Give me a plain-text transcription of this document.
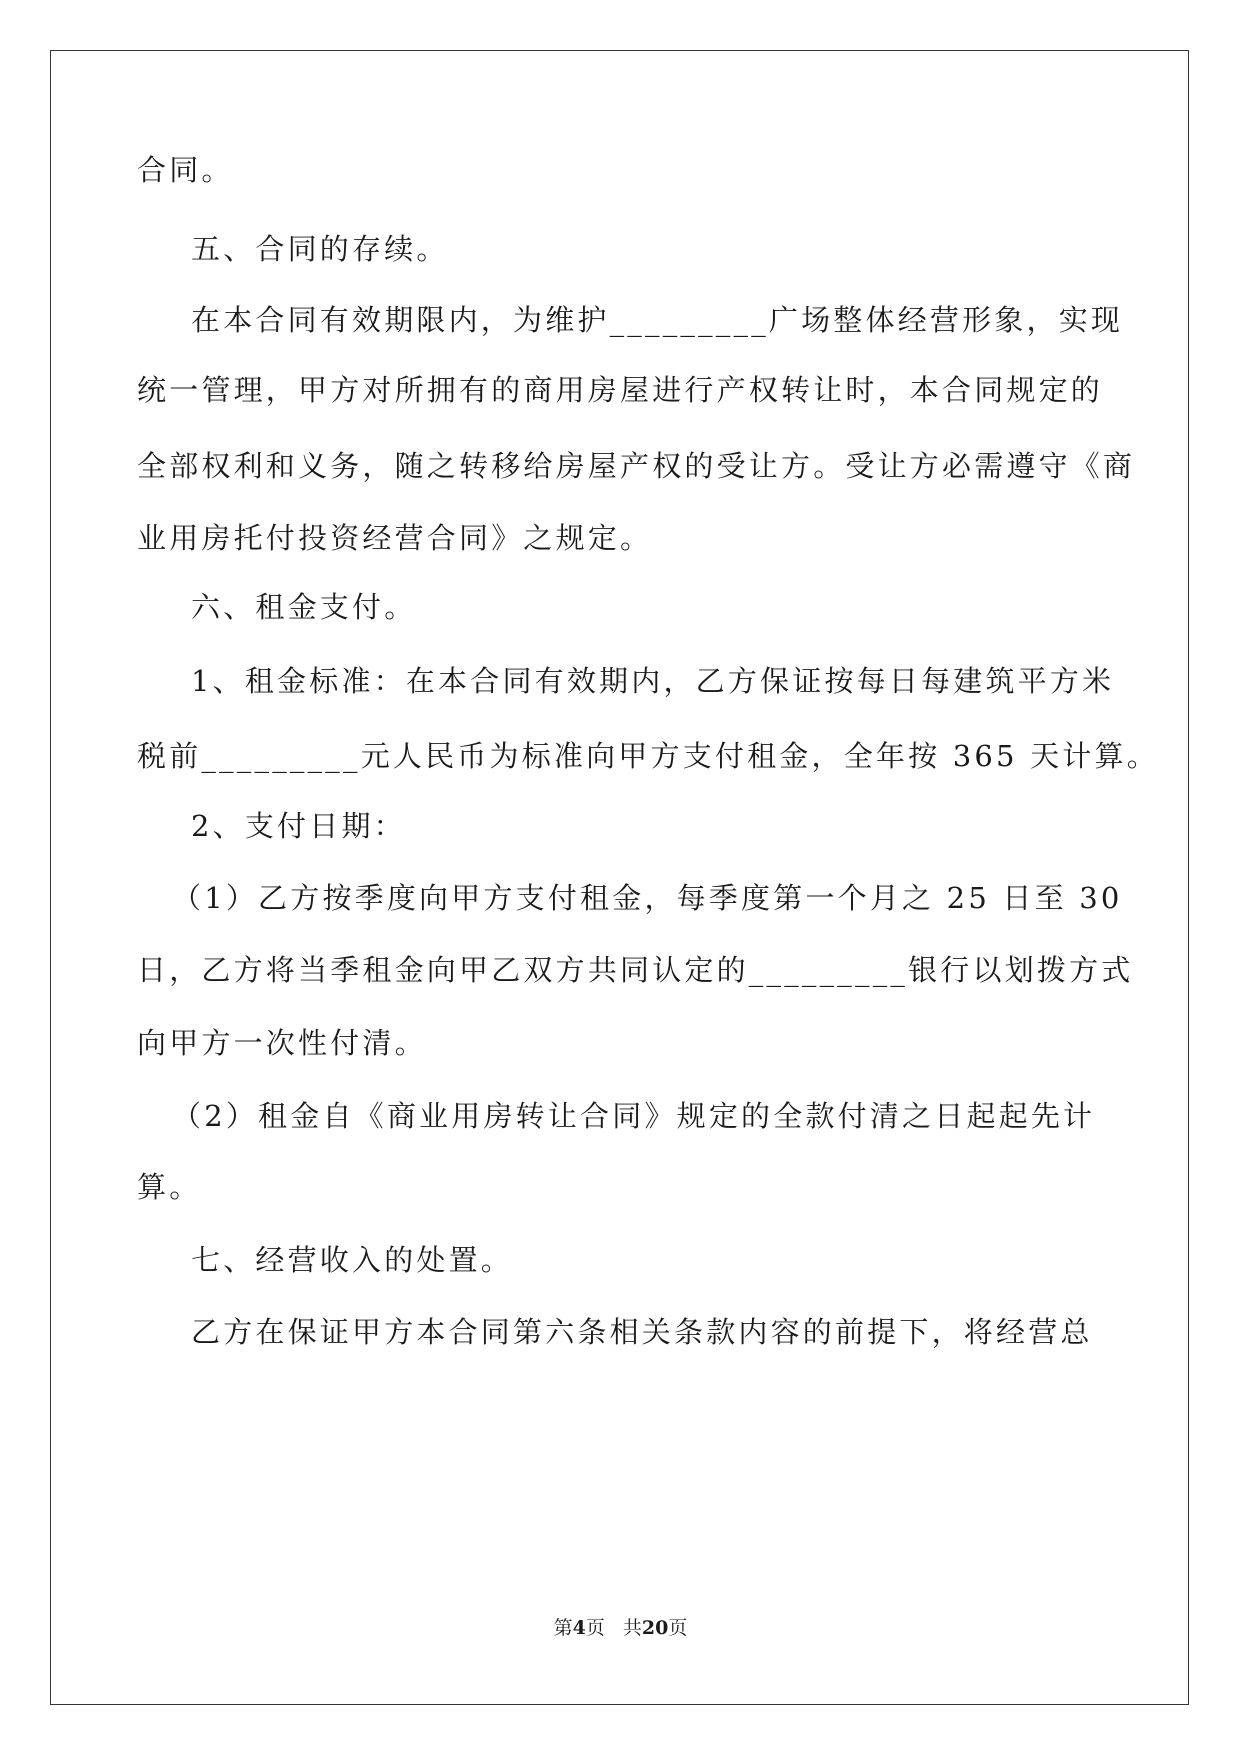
合同。
五、合同的存续。
在本合同有效期限内，为维护_________广场整体经营形象，实现
统一管理，甲方对所拥有的商用房屋进行产权转让时，本合同规定的
全部权利和义务，随之转移给房屋产权的受让方。受让方必需遵守《商
业用房托付投资经营合同》之规定。
六、租金支付。
1、租金标准：在本合同有效期内，乙方保证按每日每建筑平方米
税前_________元人民币为标准向甲方支付租金，全年按 365 天计算。
2、支付日期：
（1）乙方按季度向甲方支付租金，每季度第一个月之 25 日至 30
日，乙方将当季租金向甲乙双方共同认定的_________银行以划拨方式
向甲方一次性付清。
（2）租金自《商业用房转让合同》规定的全款付清之日起起先计
算。
七、经营收入的处置。
乙方在保证甲方本合同第六条相关条款内容的前提下，将经营总
第4页 共20页
